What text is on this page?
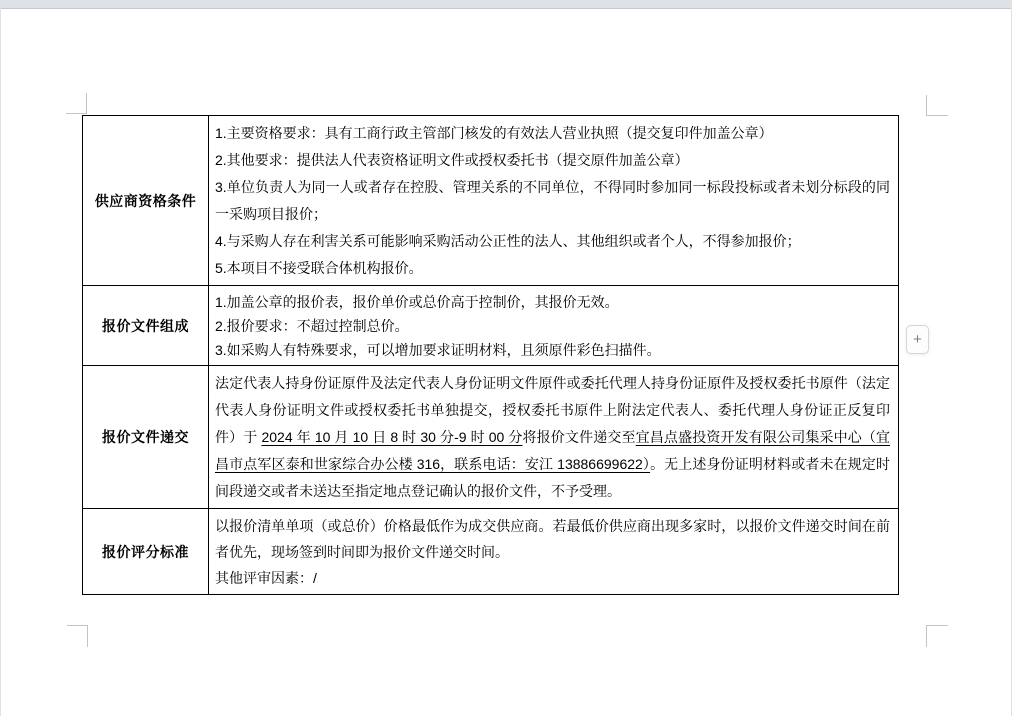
供应商资格条件
1.主要资格要求：具有工商行政主管部门核发的有效法人营业执照（提交复印件加盖公章）
2.其他要求：提供法人代表资格证明文件或授权委托书（提交原件加盖公章）
3.单位负责人为同一人或者存在控股、管理关系的不同单位，不得同时参加同一标段投标或者未划分标段的同一采购项目报价；
4.与采购人存在利害关系可能影响采购活动公正性的法人、其他组织或者个人，不得参加报价；
5.本项目不接受联合体机构报价。
报价文件组成
1.加盖公章的报价表，报价单价或总价高于控制价，其报价无效。
2.报价要求：不超过控制总价。
3.如采购人有特殊要求，可以增加要求证明材料，且须原件彩色扫描件。
报价文件递交
法定代表人持身份证原件及法定代表人身份证明文件原件或委托代理人持身份证原件及授权委托书原件（法定代表人身份证明文件或授权委托书单独提交，授权委托书原件上附法定代表人、委托代理人身份证正反复印件）于 2024 年 10 月 10 日 8 时 30 分-9 时 00 分将报价文件递交至宜昌点盛投资开发有限公司集采中心（宜昌市点军区泰和世家综合办公楼 316，联系电话：安江 13886699622）。无上述身份证明材料或者未在规定时间段递交或者未送达至指定地点登记确认的报价文件，不予受理。
报价评分标准
以报价清单单项（或总价）价格最低作为成交供应商。若最低价供应商出现多家时，以报价文件递交时间在前者优先，现场签到时间即为报价文件递交时间。
其他评审因素：/
+
